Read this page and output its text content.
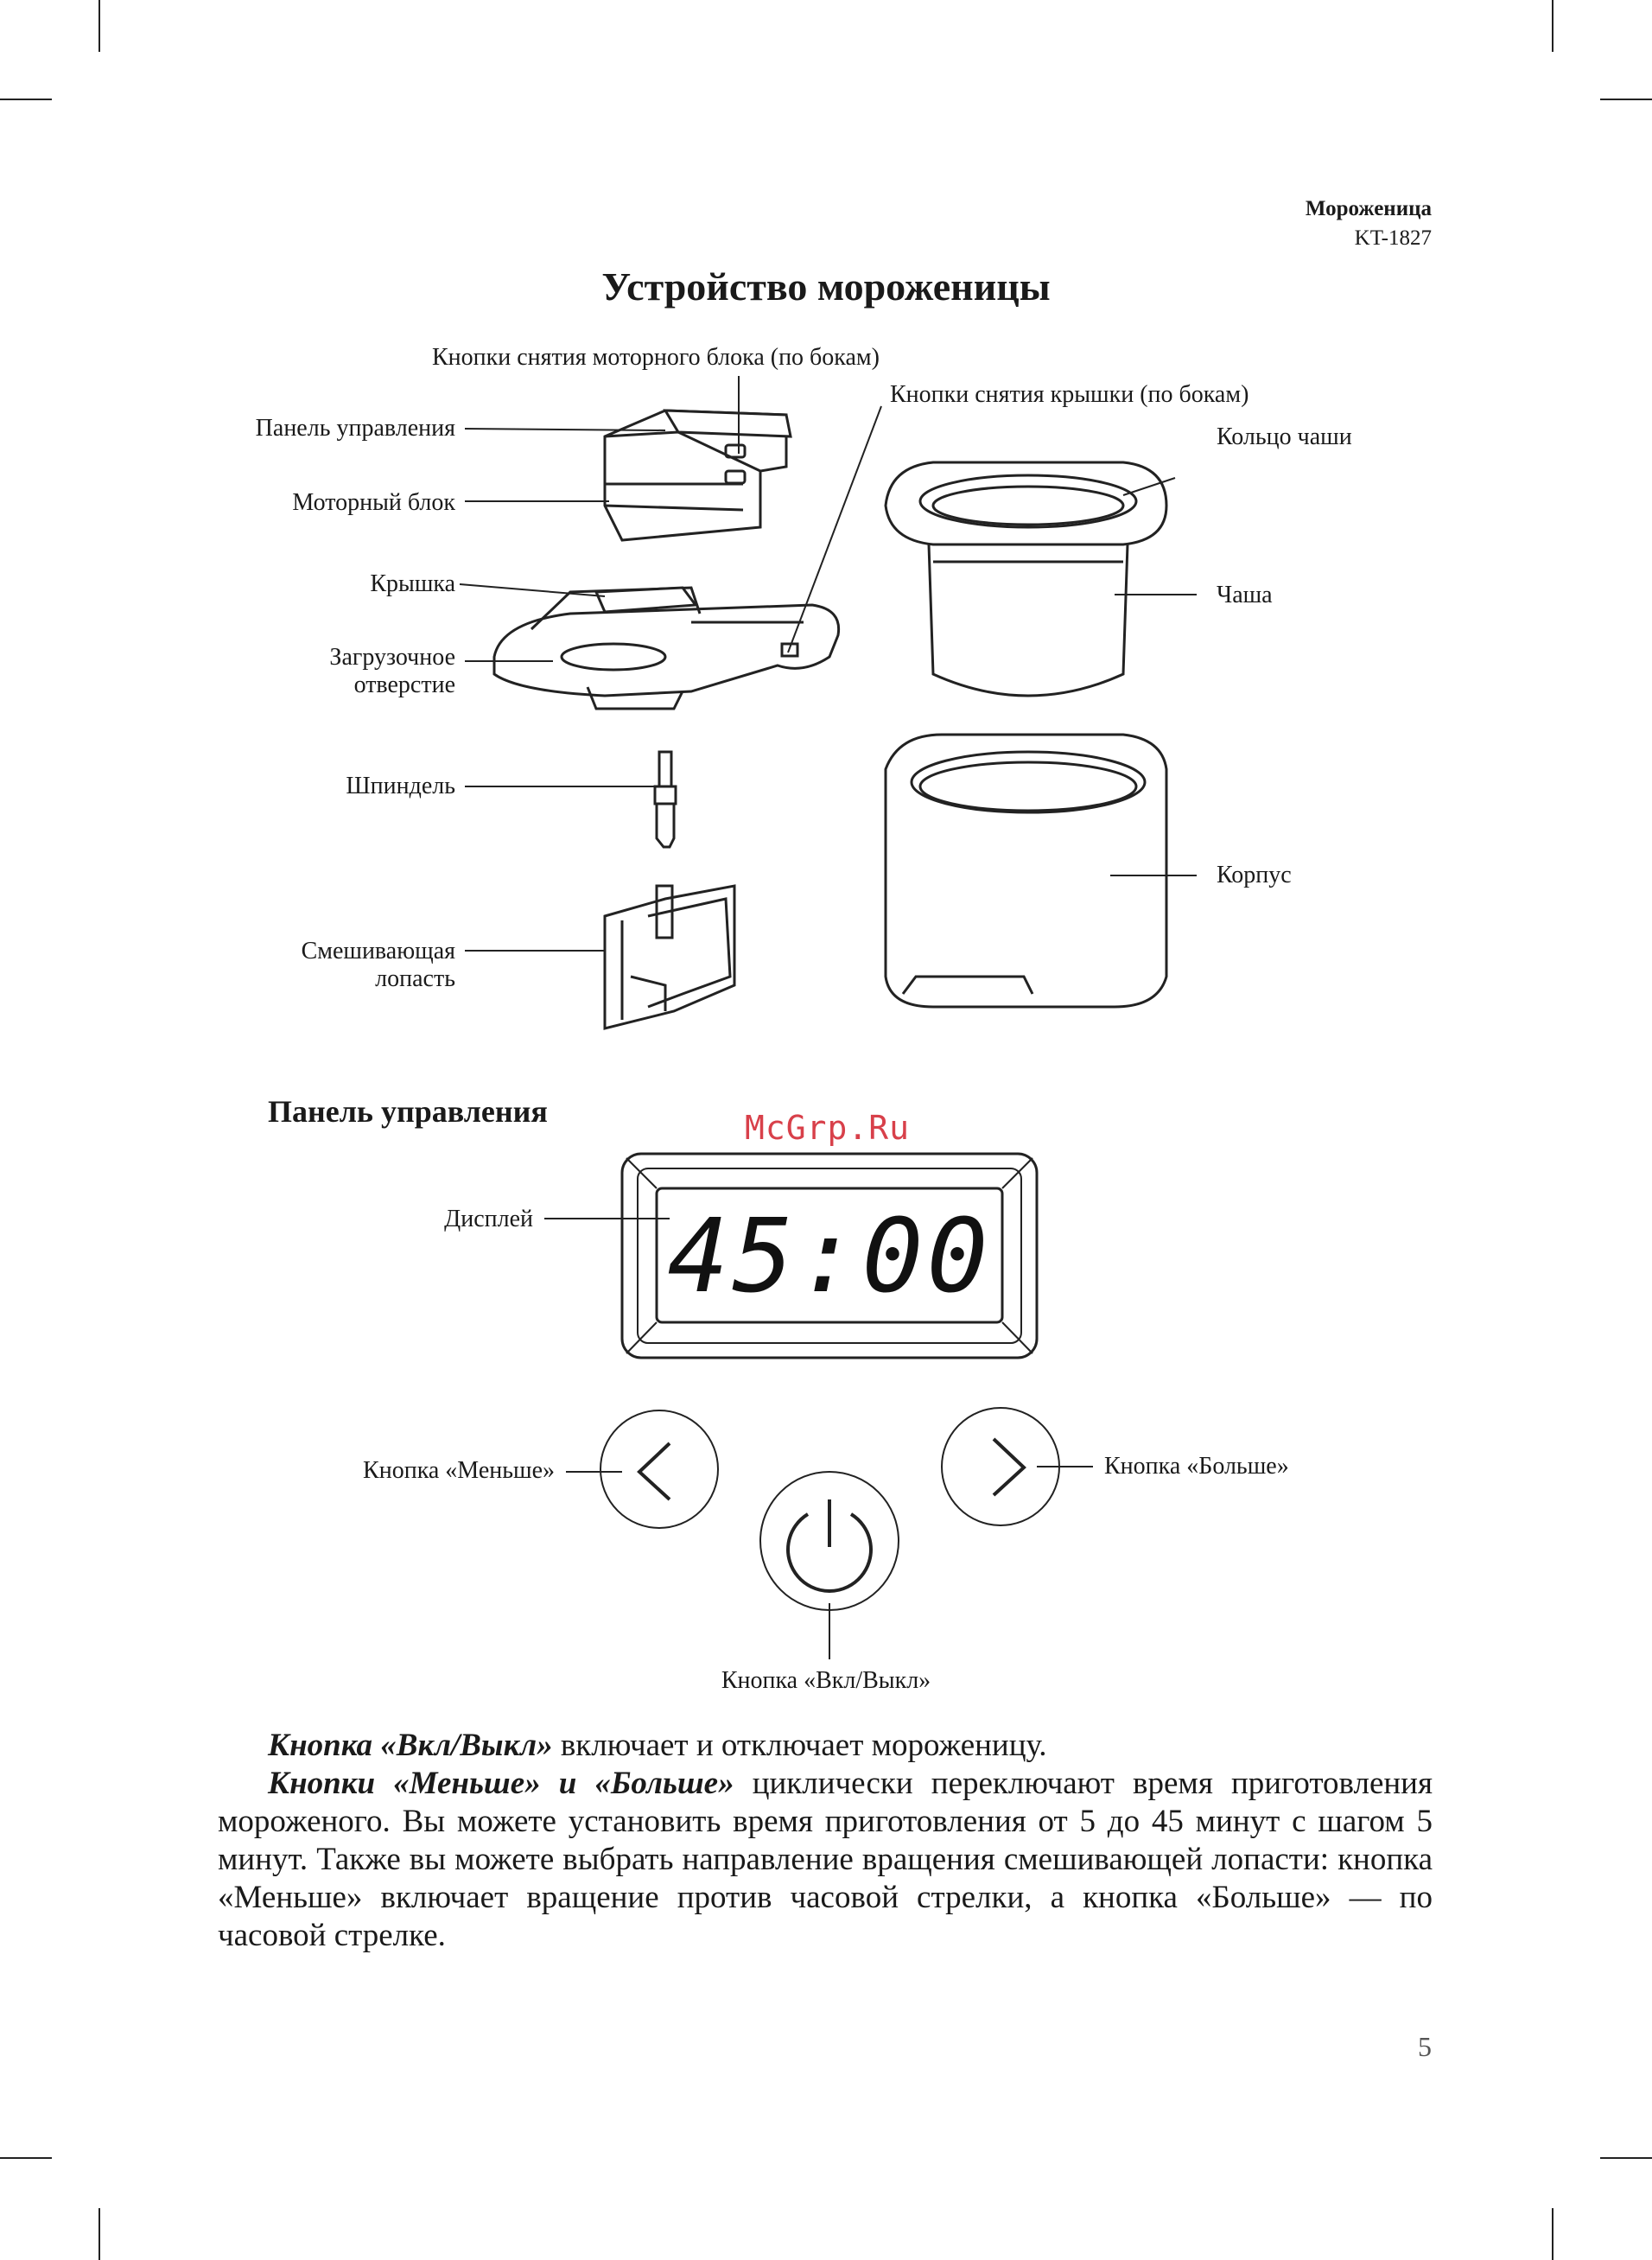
Мороженица
KT-1827
Устройство мороженицы
Кнопки снятия моторного блока (по бокам)
Кнопки снятия крышки (по бокам)
Панель управления	Кольцо чаши
Моторный блок
Крышка	Чаша
Загрузочное
отверстие
Шпиндель
Корпус
Смешивающая
лопасть
Панель управления	McGrp.Ru
Дисплей 45:00
Кнопка «Меньше»	Кнопка «Больше»
Кнопка «Вкл/Выкл»
Кнопка «Вкл/Выкл» включает и отключает мороженицу.
Кнопки «Меньше» и «Больше» циклически переключают время приготовления мороженого. Вы можете установить время приготовления от 5 до 45 минут с шагом 5 минут. Также вы можете выбрать направление вращения смешивающей лопасти: кнопка «Меньше» включает вращение против часовой стрелки, а кнопка «Больше» — по часовой стрелке.
5
